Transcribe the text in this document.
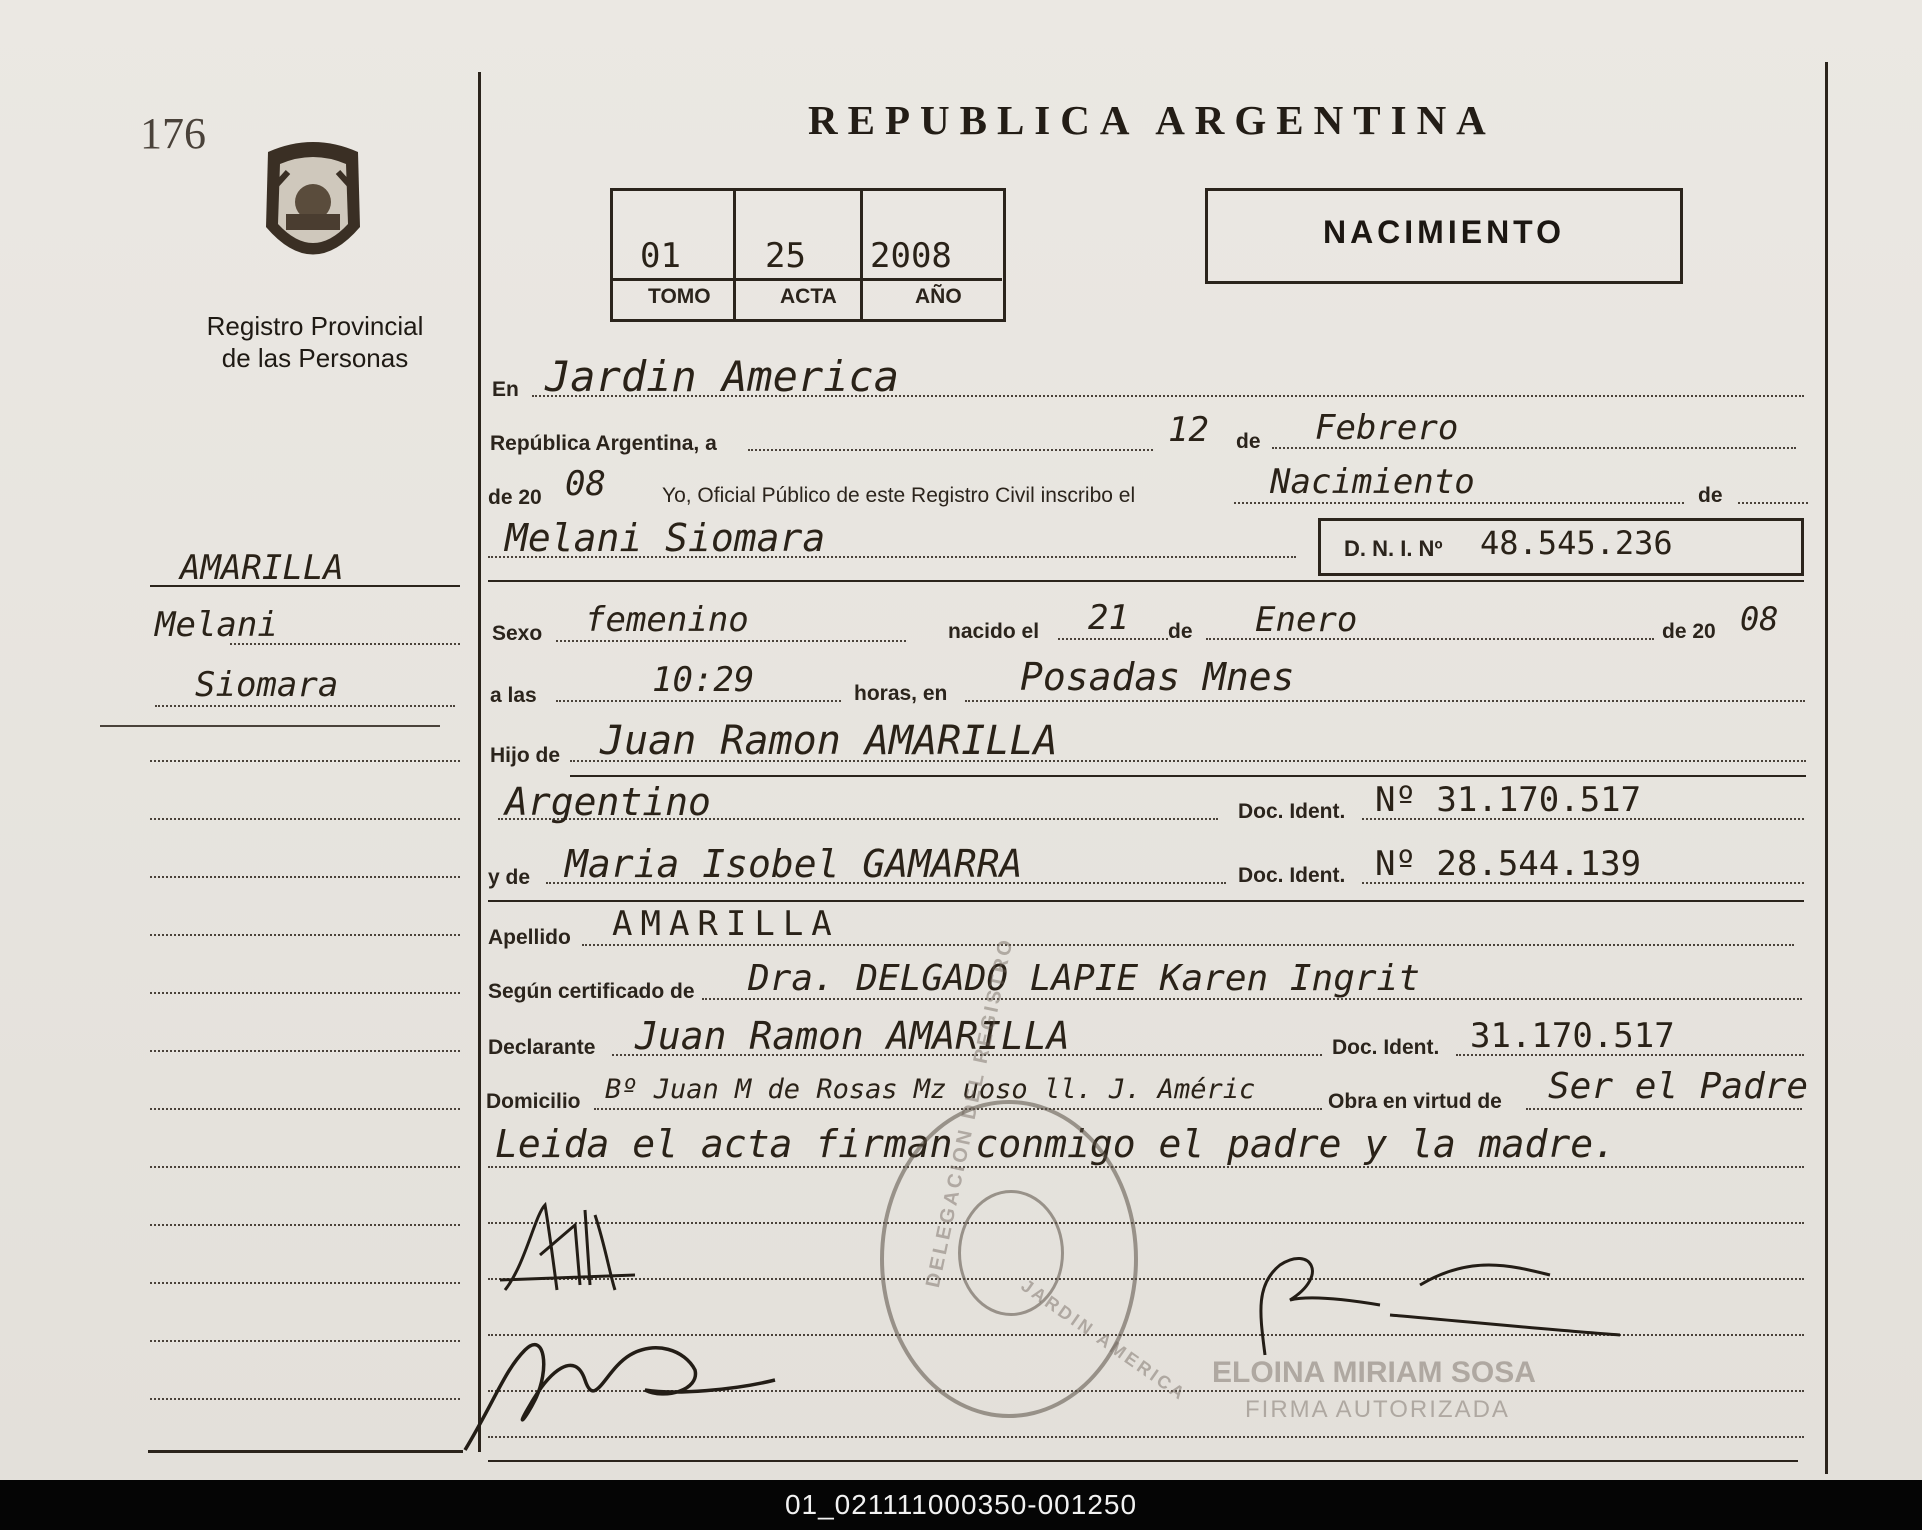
176
Registro Provincial
de las Personas
AMARILLA
Melani
Siomara
REPUBLICA ARGENTINA
01 25 2008
TOMO	ACTA	AÑO
NACIMIENTO
En Jardin America
República Argentina, a	12 de Febrero
de 20 08	Yo, Oficial Público de este Registro Civil inscribo el	Nacimiento	de
Melani Siomara	D. N. I. Nº 48.545.236
Sexo femenino	nacido el 21 de Enero	de 20 08
a las	10:29	horas, en Posadas Mnes
Hijo de Juan Ramon AMARILLA
Argentino	Doc. Ident. Nº 31.170.517
y de Maria Isobel GAMARRA	Doc. Ident. Nº 28.544.139
Apellido AMARILLA
Según certificado de Dra. DELGADO LAPIE Karen Ingrit
Declarante Juan Ramon AMARILLA	Doc. Ident. 31.170.517
Domicilio Bº Juan M de Rosas Mz uoso ll. J. Améric	Obra en virtud de Ser el Padre
Leida el acta firman conmigo el padre y la madre.
DELEGACION DEL REGISTRO
JARDIN AMERICA ELOINA MIRIAM SOSA
FIRMA AUTORIZADA
01_021111000350-001250
